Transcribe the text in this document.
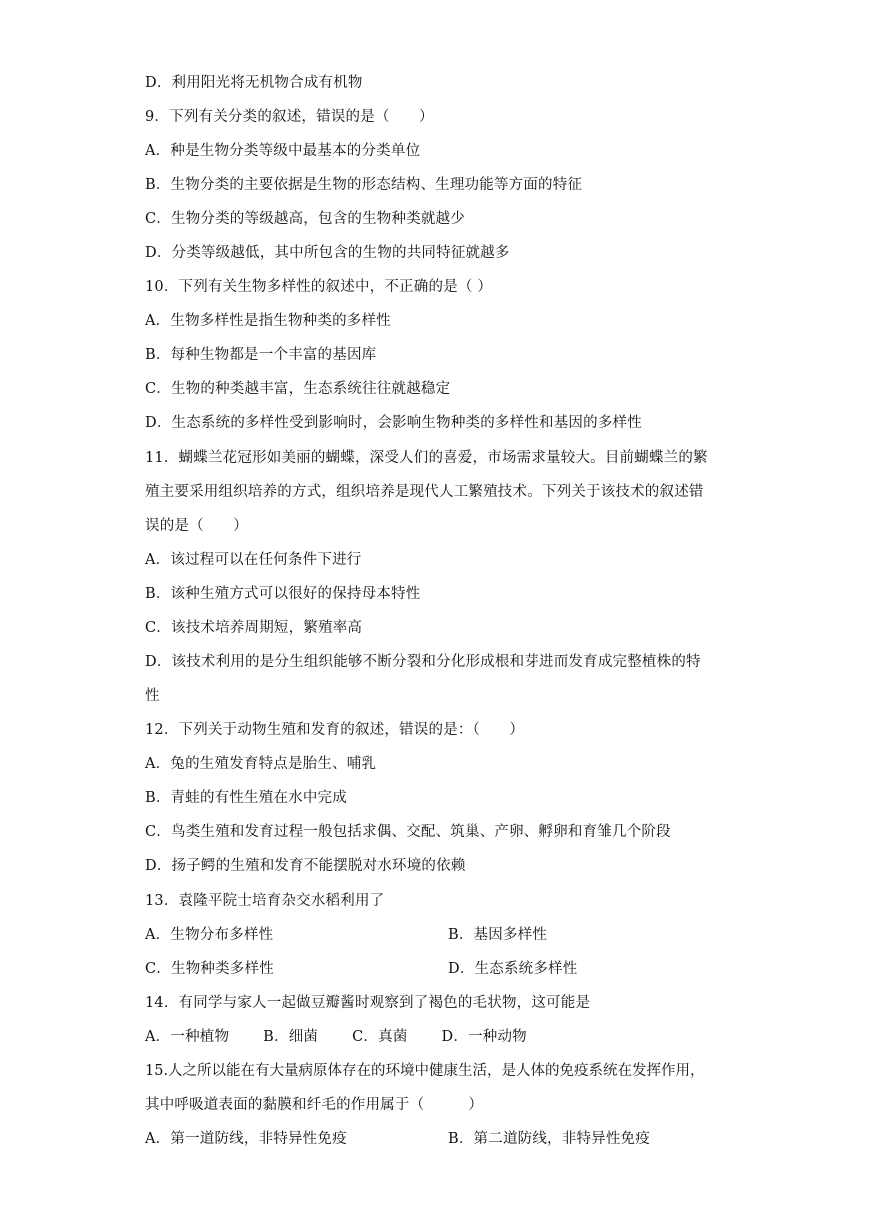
D．利用阳光将无机物合成有机物
9．下列有关分类的叙述，错误的是（　　）
A．种是生物分类等级中最基本的分类单位
B．生物分类的主要依据是生物的形态结构、生理功能等方面的特征
C．生物分类的等级越高，包含的生物种类就越少
D．分类等级越低，其中所包含的生物的共同特征就越多
10．下列有关生物多样性的叙述中，不正确的是（ ）
A．生物多样性是指生物种类的多样性
B．每种生物都是一个丰富的基因库
C．生物的种类越丰富，生态系统往往就越稳定
D．生态系统的多样性受到影响时，会影响生物种类的多样性和基因的多样性
11．蝴蝶兰花冠形如美丽的蝴蝶，深受人们的喜爱，市场需求量较大。目前蝴蝶兰的繁
殖主要采用组织培养的方式，组织培养是现代人工繁殖技术。下列关于该技术的叙述错
误的是（　　）
A．该过程可以在任何条件下进行
B．该种生殖方式可以很好的保持母本特性
C．该技术培养周期短，繁殖率高
D．该技术利用的是分生组织能够不断分裂和分化形成根和芽进而发育成完整植株的特
性
12．下列关于动物生殖和发育的叙述，错误的是：（　　）
A．兔的生殖发育特点是胎生、哺乳
B．青蛙的有性生殖在水中完成
C．鸟类生殖和发育过程一般包括求偶、交配、筑巢、产卵、孵卵和育雏几个阶段
D．扬子鳄的生殖和发育不能摆脱对水环境的依赖
13．袁隆平院士培育杂交水稻利用了
A．生物分布多样性	B．基因多样性
C．生物种类多样性	D．生态系统多样性
14．有同学与家人一起做豆瓣酱时观察到了褐色的毛状物，这可能是
A．一种植物 B．细菌 C．真菌 D．一种动物
15.人之所以能在有大量病原体存在的环境中健康生活，是人体的免疫系统在发挥作用，
其中呼吸道表面的黏膜和纤毛的作用属于（　　　）
A．第一道防线，非特异性免疫	B．第二道防线，非特异性免疫
